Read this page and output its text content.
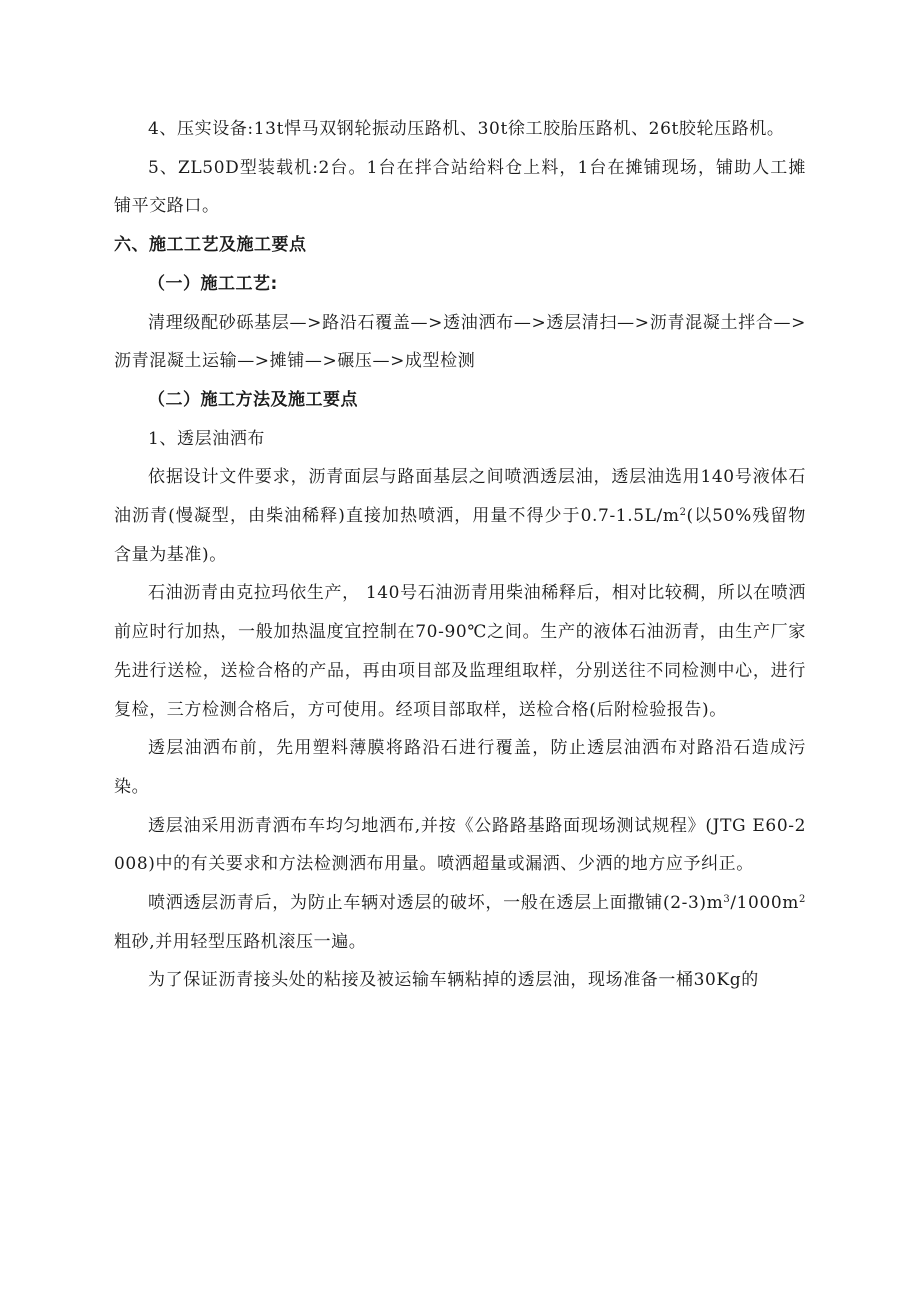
4、压实设备:13t悍马双钢轮振动压路机、30t徐工胶胎压路机、26t胶轮压路机。

5、ZL50D型装载机:2台。1台在拌合站给料仓上料，1台在摊铺现场，铺助人工摊铺平交路口。

六、施工工艺及施工要点

（一）施工工艺:

清理级配砂砾基层—>路沿石覆盖—>透油洒布—>透层清扫—>沥青混凝土拌合—>沥青混凝土运输—>摊铺—>碾压—>成型检测

（二）施工方法及施工要点

1、透层油洒布

依据设计文件要求，沥青面层与路面基层之间喷洒透层油，透层油选用140号液体石油沥青(慢凝型，由柴油稀释)直接加热喷洒，用量不得少于$0.7-1.5L/m^2$(以50%残留物含量为基准)。

石油沥青由克拉玛依生产， 140号石油沥青用柴油稀释后，相对比较稠，所以在喷洒前应时行加热，一般加热温度宜控制在70-90℃之间。生产的液体石油沥青，由生产厂家先进行送检，送检合格的产品，再由项目部及监理组取样，分别送往不同检测中心，进行复检，三方检测合格后，方可使用。经项目部取样，送检合格(后附检验报告)。

透层油洒布前，先用塑料薄膜将路沿石进行覆盖，防止透层油洒布对路沿石造成污染。

透层油采用沥青洒布车均匀地洒布,并按《公路路基路面现场测试规程》(JTG E60-2008)中的有关要求和方法检测洒布用量。喷洒超量或漏洒、少洒的地方应予纠正。

喷洒透层沥青后，为防止车辆对透层的破坏，一般在透层上面撒铺$(2-3)m^3/1000m^2$粗砂,并用轻型压路机滚压一遍。

为了保证沥青接头处的粘接及被运输车辆粘掉的透层油，现场准备一桶30Kg的
